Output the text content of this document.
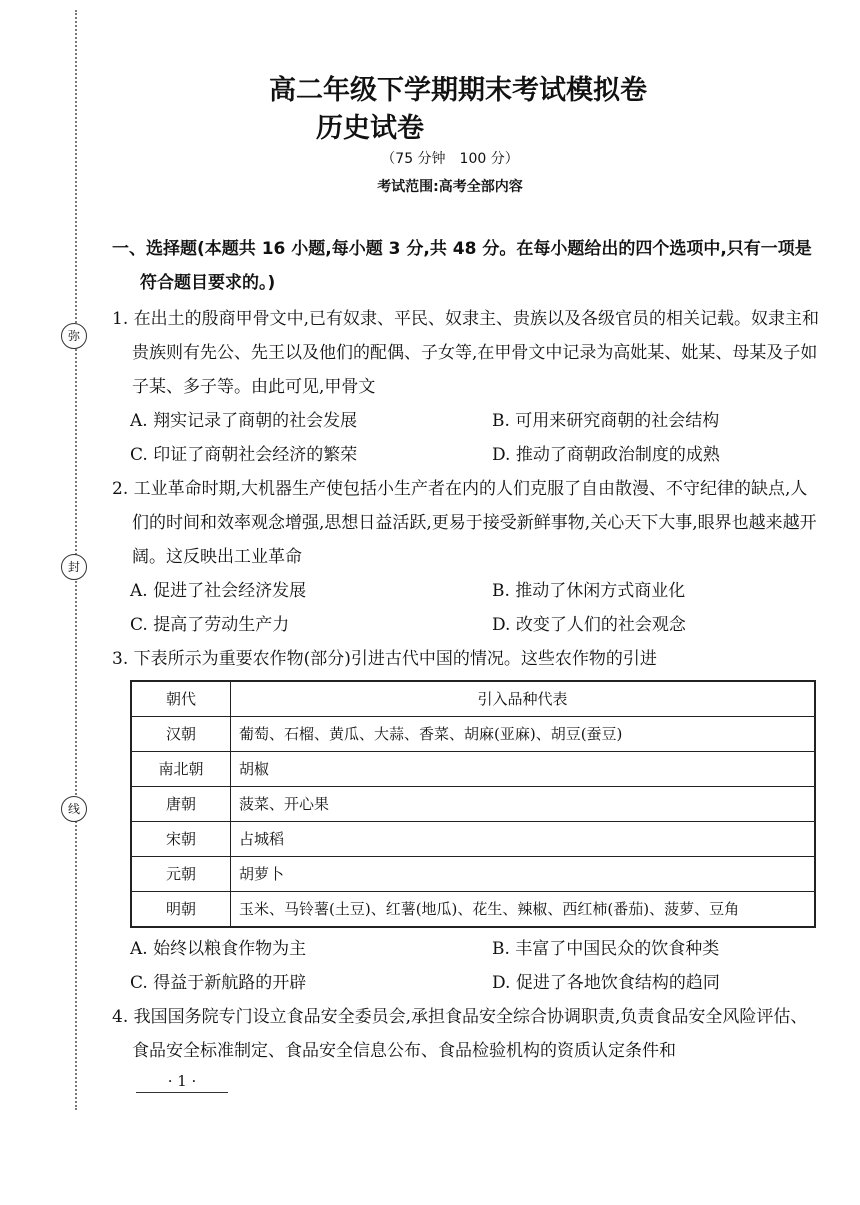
弥
封
线
高二年级下学期期末考试模拟卷
历史试卷
（75 分钟　100 分）
考试范围:高考全部内容
一、选择题(本题共 16 小题,每小题 3 分,共 48 分。在每小题给出的四个选项中,只有一项是符合题目要求的。)
1. 在出土的殷商甲骨文中,已有奴隶、平民、奴隶主、贵族以及各级官员的相关记载。奴隶主和贵族则有先公、先王以及他们的配偶、子女等,在甲骨文中记录为高妣某、妣某、母某及子如子某、多子等。由此可见,甲骨文
A. 翔实记录了商朝的社会发展	B. 可用来研究商朝的社会结构
C. 印证了商朝社会经济的繁荣	D. 推动了商朝政治制度的成熟
2. 工业革命时期,大机器生产使包括小生产者在内的人们克服了自由散漫、不守纪律的缺点,人们的时间和效率观念增强,思想日益活跃,更易于接受新鲜事物,关心天下大事,眼界也越来越开阔。这反映出工业革命
A. 促进了社会经济发展	B. 推动了休闲方式商业化
C. 提高了劳动生产力	D. 改变了人们的社会观念
3. 下表所示为重要农作物(部分)引进古代中国的情况。这些农作物的引进
朝代	引入品种代表
汉朝	葡萄、石榴、黄瓜、大蒜、香菜、胡麻(亚麻)、胡豆(蚕豆)
南北朝	胡椒
唐朝	菠菜、开心果
宋朝	占城稻
元朝	胡萝卜
明朝	玉米、马铃薯(土豆)、红薯(地瓜)、花生、辣椒、西红柿(番茄)、菠萝、豆角
A. 始终以粮食作物为主	B. 丰富了中国民众的饮食种类
C. 得益于新航路的开辟	D. 促进了各地饮食结构的趋同
4. 我国国务院专门设立食品安全委员会,承担食品安全综合协调职责,负责食品安全风险评估、食品安全标准制定、食品安全信息公布、食品检验机构的资质认定条件和
· 1 ·
